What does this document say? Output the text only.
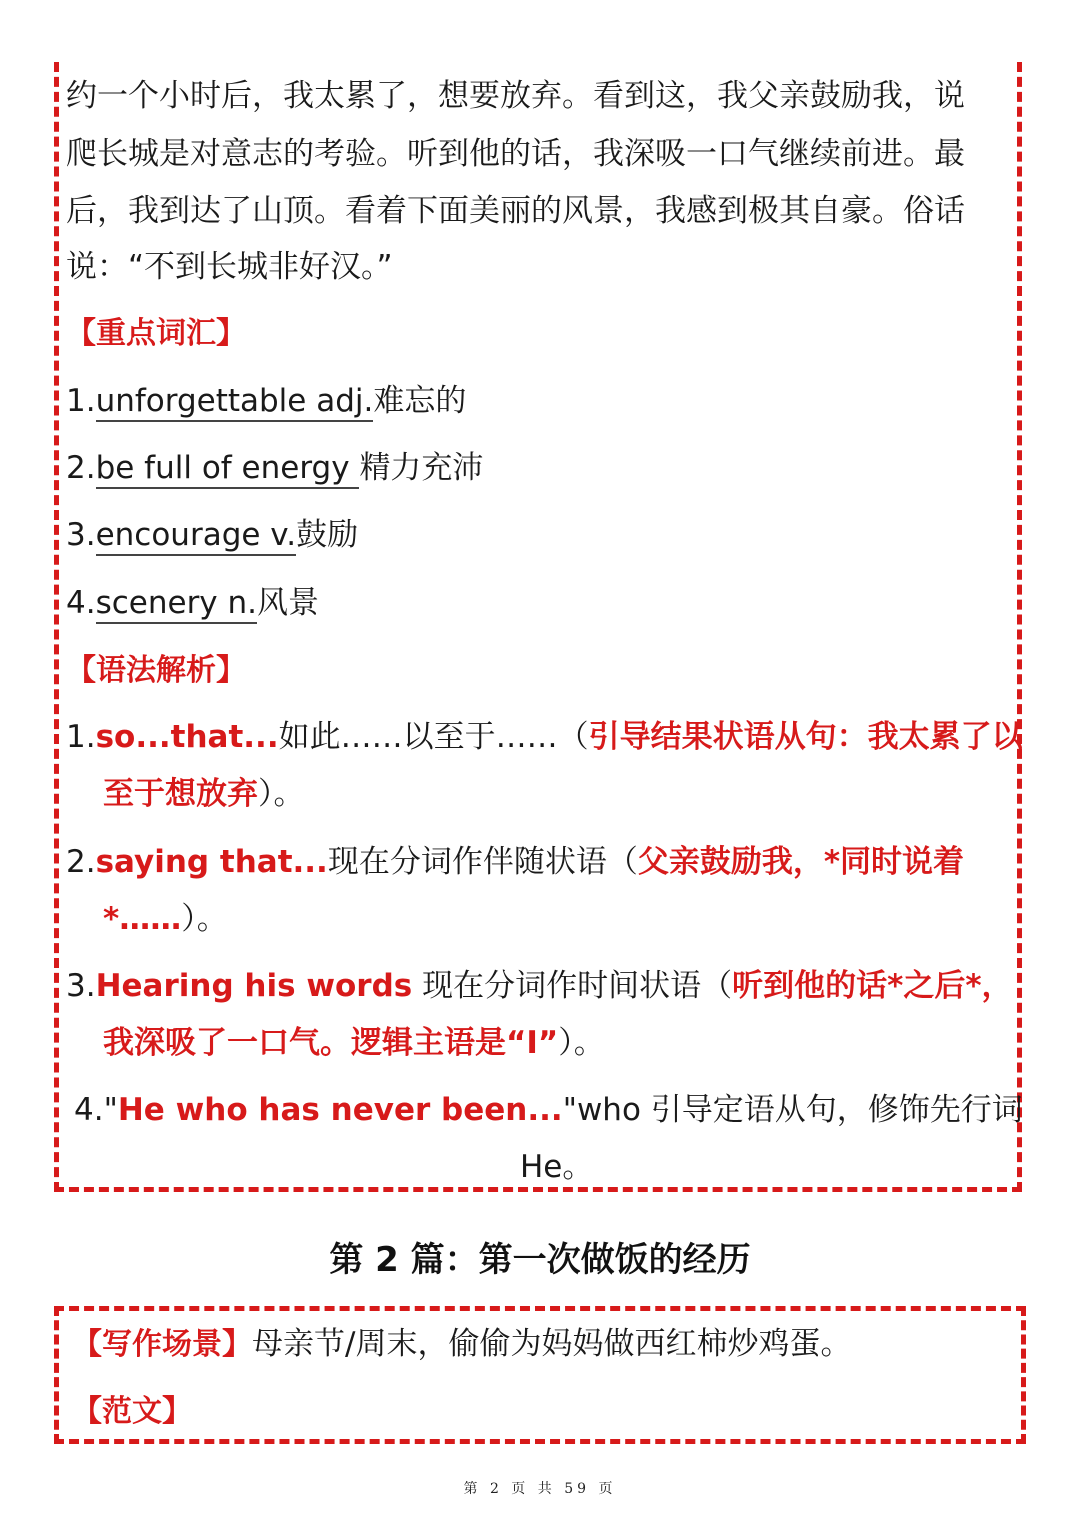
约一个小时后，我太累了，想要放弃。看到这，我父亲鼓励我，说
爬长城是对意志的考验。听到他的话，我深吸一口气继续前进。最
后，我到达了山顶。看着下面美丽的风景，我感到极其自豪。俗话
说：“不到长城非好汉。”
【重点词汇】
1.unforgettable adj.难忘的
2.be full of energy 精力充沛
3.encourage v.鼓励
4.scenery n.风景
【语法解析】
1.so...that...如此……以至于……（引导结果状语从句：我太累了以
至于想放弃）。
2.saying that...现在分词作伴随状语（父亲鼓励我，*同时说着
*……）。
3.Hearing his words 现在分词作时间状语（听到他的话*之后*，
我深吸了一口气。逻辑主语是“I”）。
4."He who has never been..."who 引导定语从句，修饰先行词
He。
第 2 篇：第一次做饭的经历
【写作场景】母亲节/周末，偷偷为妈妈做西红柿炒鸡蛋。
【范文】
第 2 页 共 59 页
